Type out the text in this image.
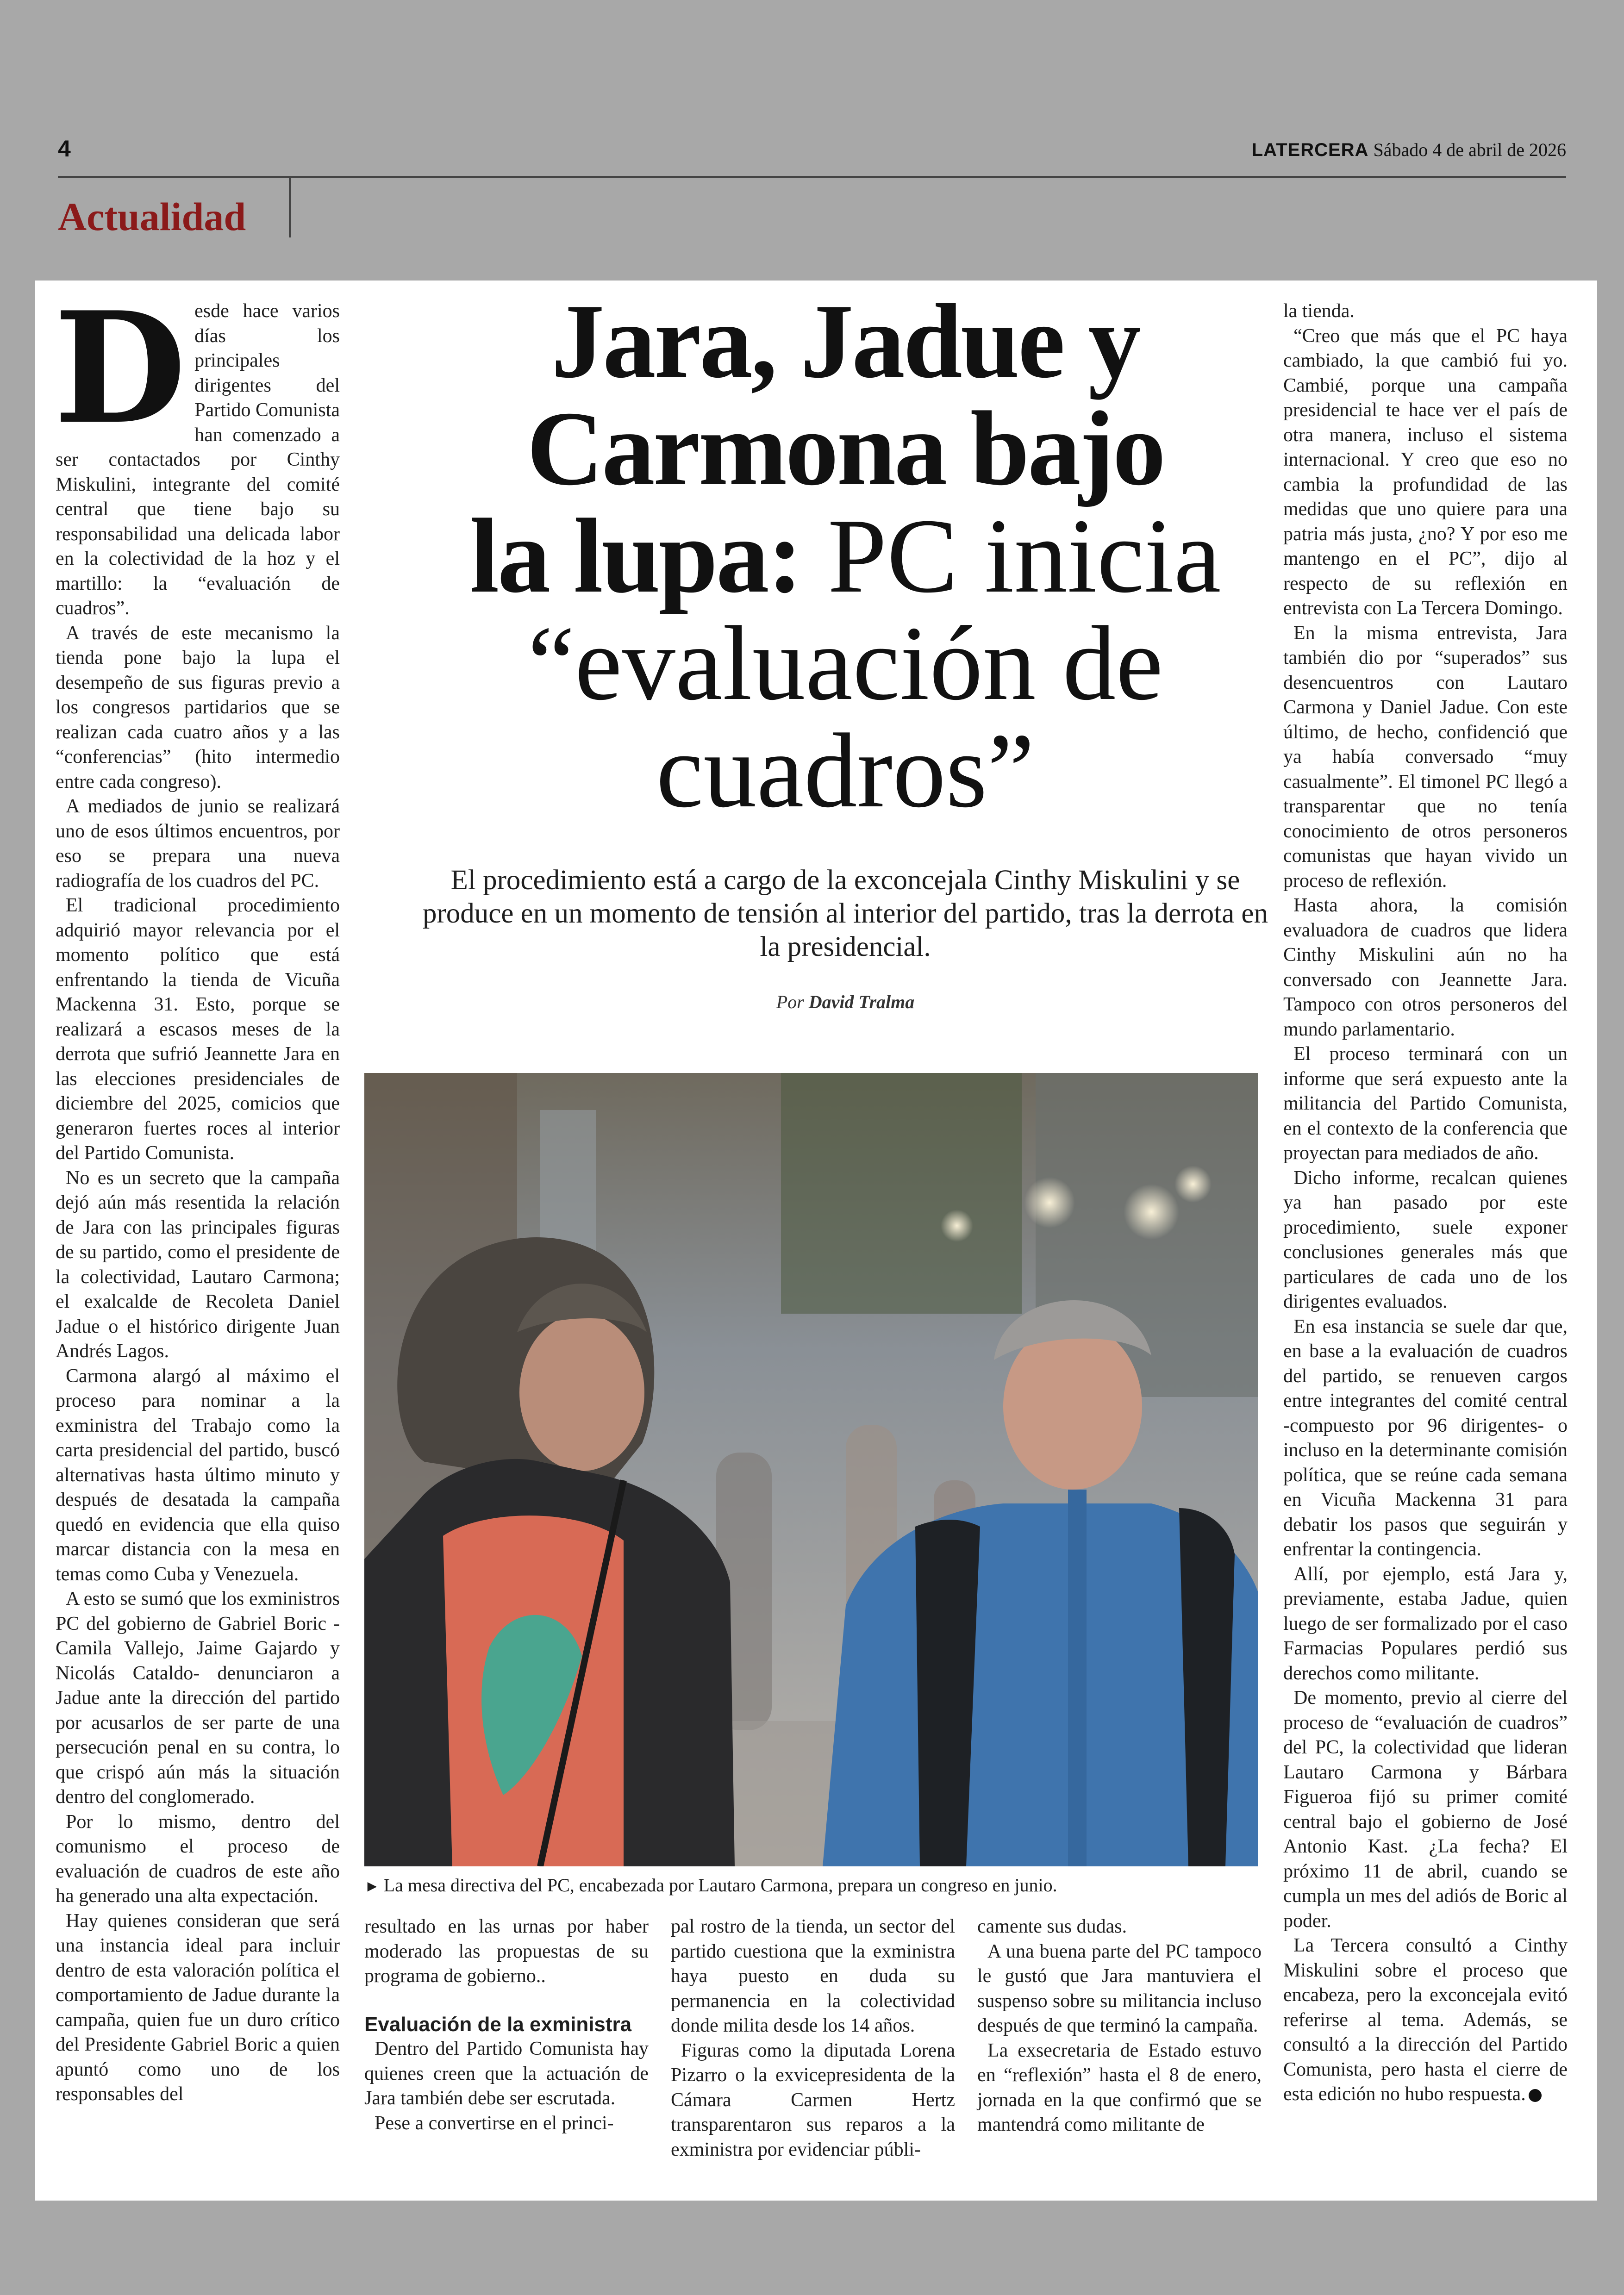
4	LATERCERA Sábado 4 de abril de 2026
Actualidad

Desde hace varios días los principales dirigentes del Partido Comunista han comenzado a ser contactados por Cinthy Miskulini, integrante del comité central que tiene bajo su responsabilidad una delicada labor en la colectividad de la hoz y el martillo: la “evaluación de cuadros”.

A través de este mecanismo la tienda pone bajo la lupa el desempeño de sus figuras previo a los congresos partidarios que se realizan cada cuatro años y a las “conferencias” (hito intermedio entre cada congreso).

A mediados de junio se realizará uno de esos últimos encuentros, por eso se prepara una nueva radiografía de los cuadros del PC.

El tradicional procedimiento adquirió mayor relevancia por el momento político que está enfrentando la tienda de Vicuña Mackenna 31. Esto, porque se realizará a escasos meses de la derrota que sufrió Jeannette Jara en las elecciones presidenciales de diciembre del 2025, comicios que generaron fuertes roces al interior del Partido Comunista.

No es un secreto que la campaña dejó aún más resentida la relación de Jara con las principales figuras de su partido, como el presidente de la colectividad, Lautaro Carmona; el exalcalde de Recoleta Daniel Jadue o el histórico dirigente Juan Andrés Lagos.

Carmona alargó al máximo el proceso para nominar a la exministra del Trabajo como la carta presidencial del partido, buscó alternativas hasta último minuto y después de desatada la campaña quedó en evidencia que ella quiso marcar distancia con la mesa en temas como Cuba y Venezuela.

A esto se sumó que los exministros PC del gobierno de Gabriel Boric -Camila Vallejo, Jaime Gajardo y Nicolás Cataldo- denunciaron a Jadue ante la dirección del partido por acusarlos de ser parte de una persecución penal en su contra, lo que crispó aún más la situación dentro del conglomerado.

Por lo mismo, dentro del comunismo el proceso de evaluación de cuadros de este año ha generado una alta expectación.

Hay quienes consideran que será una instancia ideal para incluir dentro de esta valoración política el comportamiento de Jadue durante la campaña, quien fue un duro crítico del Presidente Gabriel Boric a quien apuntó como uno de los responsables del

Jara, Jadue y
Carmona bajo
la lupa: PC inicia
“evaluación de
cuadros”
El procedimiento está a cargo de la exconcejala Cinthy Miskulini y se produce en un momento de tensión al interior del partido, tras la derrota en la presidencial.
Por David Tralma
► La mesa directiva del PC, encabezada por Lautaro Carmona, prepara un congreso en junio.

resultado en las urnas por haber moderado las propuestas de su programa de gobierno..

Evaluación de la exministra

Dentro del Partido Comunista hay quienes creen que la actuación de Jara también debe ser escrutada.

Pese a convertirse en el princi-

pal rostro de la tienda, un sector del partido cuestiona que la exministra haya puesto en duda su permanencia en la colectividad donde milita desde los 14 años.

Figuras como la diputada Lorena Pizarro o la exvicepresidenta de la Cámara Carmen Hertz transparentaron sus reparos a la exministra por evidenciar públi-

camente sus dudas.

A una buena parte del PC tampoco le gustó que Jara mantuviera el suspenso sobre su militancia incluso después de que terminó la campaña.

La exsecretaria de Estado estuvo en “reflexión” hasta el 8 de enero, jornada en la que confirmó que se mantendrá como militante de

la tienda.

“Creo que más que el PC haya cambiado, la que cambió fui yo. Cambié, porque una campaña presidencial te hace ver el país de otra manera, incluso el sistema internacional. Y creo que eso no cambia la profundidad de las medidas que uno quiere para una patria más justa, ¿no? Y por eso me mantengo en el PC”, dijo al respecto de su reflexión en entrevista con La Tercera Domingo.

En la misma entrevista, Jara también dio por “superados” sus desencuentros con Lautaro Carmona y Daniel Jadue. Con este último, de hecho, confidenció que ya había conversado “muy casualmente”. El timonel PC llegó a transparentar que no tenía conocimiento de otros personeros comunistas que hayan vivido un proceso de reflexión.

Hasta ahora, la comisión evaluadora de cuadros que lidera Cinthy Miskulini aún no ha conversado con Jeannette Jara. Tampoco con otros personeros del mundo parlamentario.

El proceso terminará con un informe que será expuesto ante la militancia del Partido Comunista, en el contexto de la conferencia que proyectan para mediados de año.

Dicho informe, recalcan quienes ya han pasado por este procedimiento, suele exponer conclusiones generales más que particulares de cada uno de los dirigentes evaluados.

En esa instancia se suele dar que, en base a la evaluación de cuadros del partido, se renueven cargos entre integrantes del comité central -compuesto por 96 dirigentes- o incluso en la determinante comisión política, que se reúne cada semana en Vicuña Mackenna 31 para debatir los pasos que seguirán y enfrentar la contingencia.

Allí, por ejemplo, está Jara y, previamente, estaba Jadue, quien luego de ser formalizado por el caso Farmacias Populares perdió sus derechos como militante.

De momento, previo al cierre del proceso de “evaluación de cuadros” del PC, la colectividad que lideran Lautaro Carmona y Bárbara Figueroa fijó su primer comité central bajo el gobierno de José Antonio Kast. ¿La fecha? El próximo 11 de abril, cuando se cumpla un mes del adiós de Boric al poder.

La Tercera consultó a Cinthy Miskulini sobre el proceso que encabeza, pero la exconcejala evitó referirse al tema. Además, se consultó a la dirección del Partido Comunista, pero hasta el cierre de esta edición no hubo respuesta.
